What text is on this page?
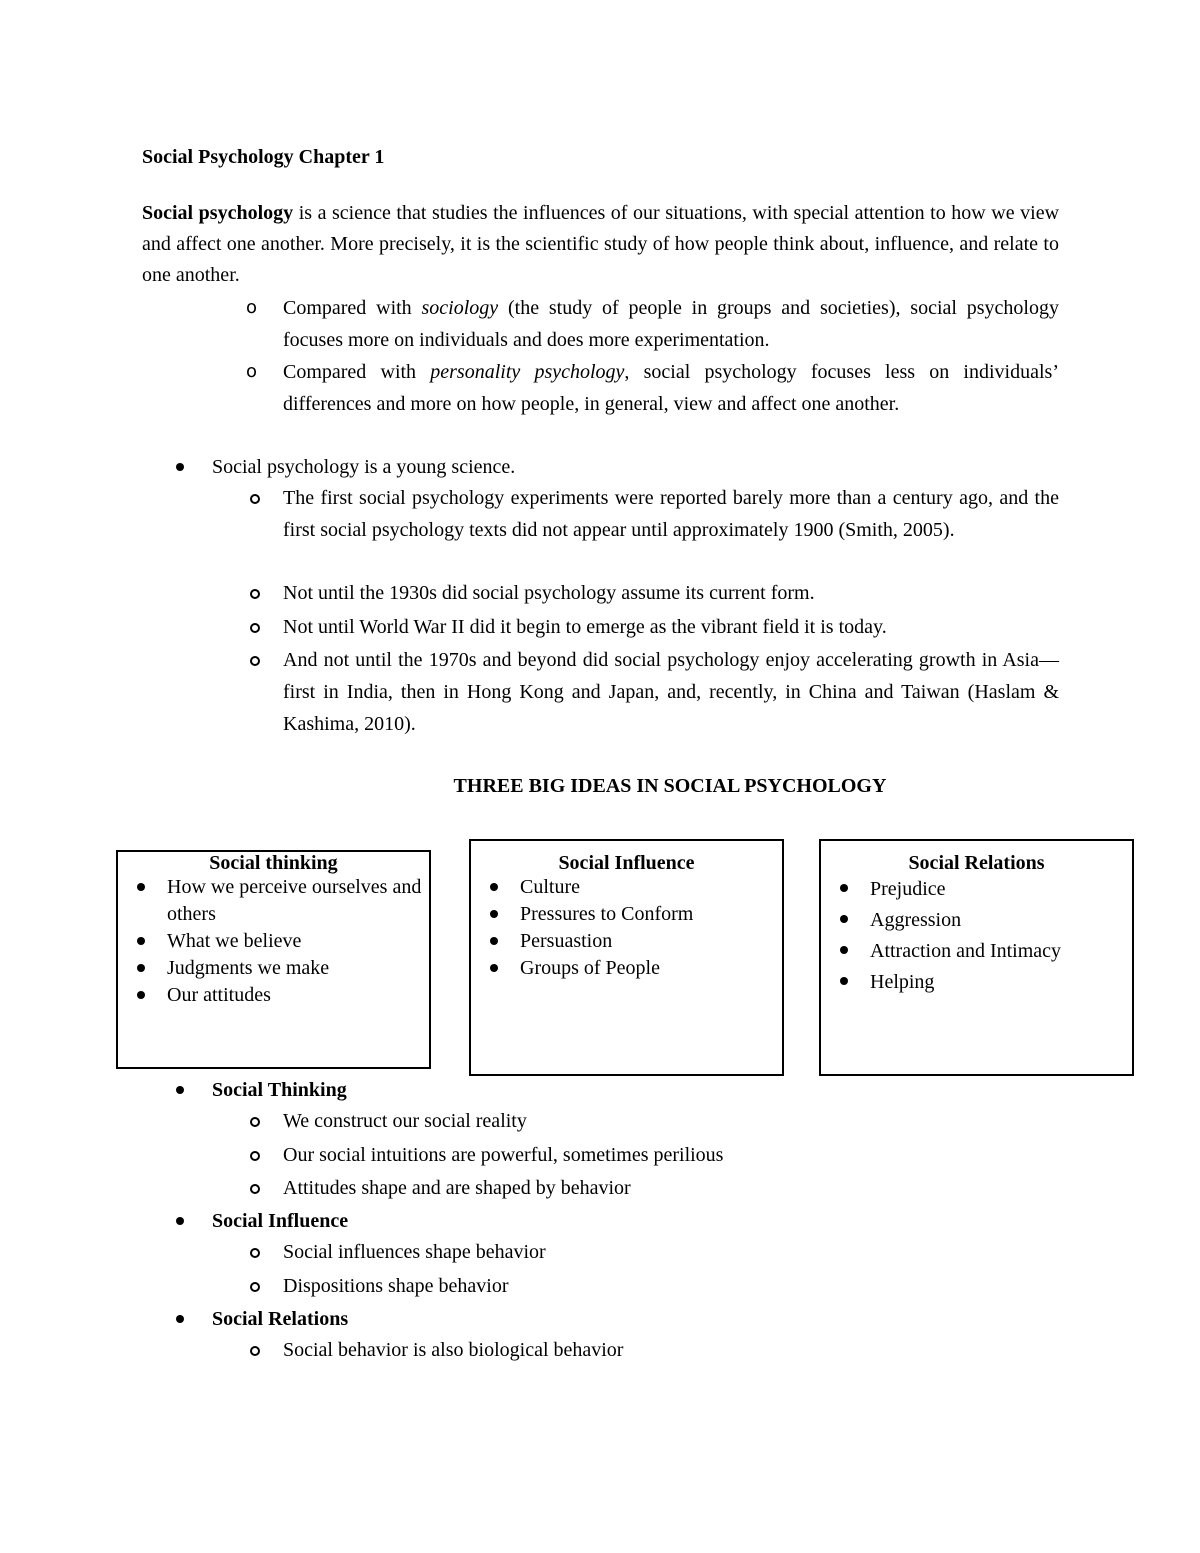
Social Psychology Chapter 1
Social psychology is a science that studies the influences of our situations, with special attention to how we view and affect one another. More precisely, it is the scientific study of how people think about, influence, and relate to one another.
o Compared with sociology (the study of people in groups and societies), social psychology focuses more on individuals and does more experimentation.
o Compared with personality psychology, social psychology focuses less on individuals’ differences and more on how people, in general, view and affect one another.
Social psychology is a young science.
The first social psychology experiments were reported barely more than a century ago, and the first social psychology texts did not appear until approximately 1900 (Smith, 2005).
Not until the 1930s did social psychology assume its current form.
Not until World War II did it begin to emerge as the vibrant field it is today.
And not until the 1970s and beyond did social psychology enjoy accelerating growth in Asia—first in India, then in Hong Kong and Japan, and, recently, in China and Taiwan (Haslam & Kashima, 2010).
THREE BIG IDEAS IN SOCIAL PSYCHOLOGY
Social thinking
How we perceive ourselves and others
What we believe
Judgments we make
Our attitudes
Social Influence
Culture
Pressures to Conform
Persuastion
Groups of People
Social Relations
Prejudice
Aggression
Attraction and Intimacy
Helping
Social Thinking
We construct our social reality
Our social intuitions are powerful, sometimes perilious
Attitudes shape and are shaped by behavior
Social Influence
Social influences shape behavior
Dispositions shape behavior
Social Relations
Social behavior is also biological behavior
